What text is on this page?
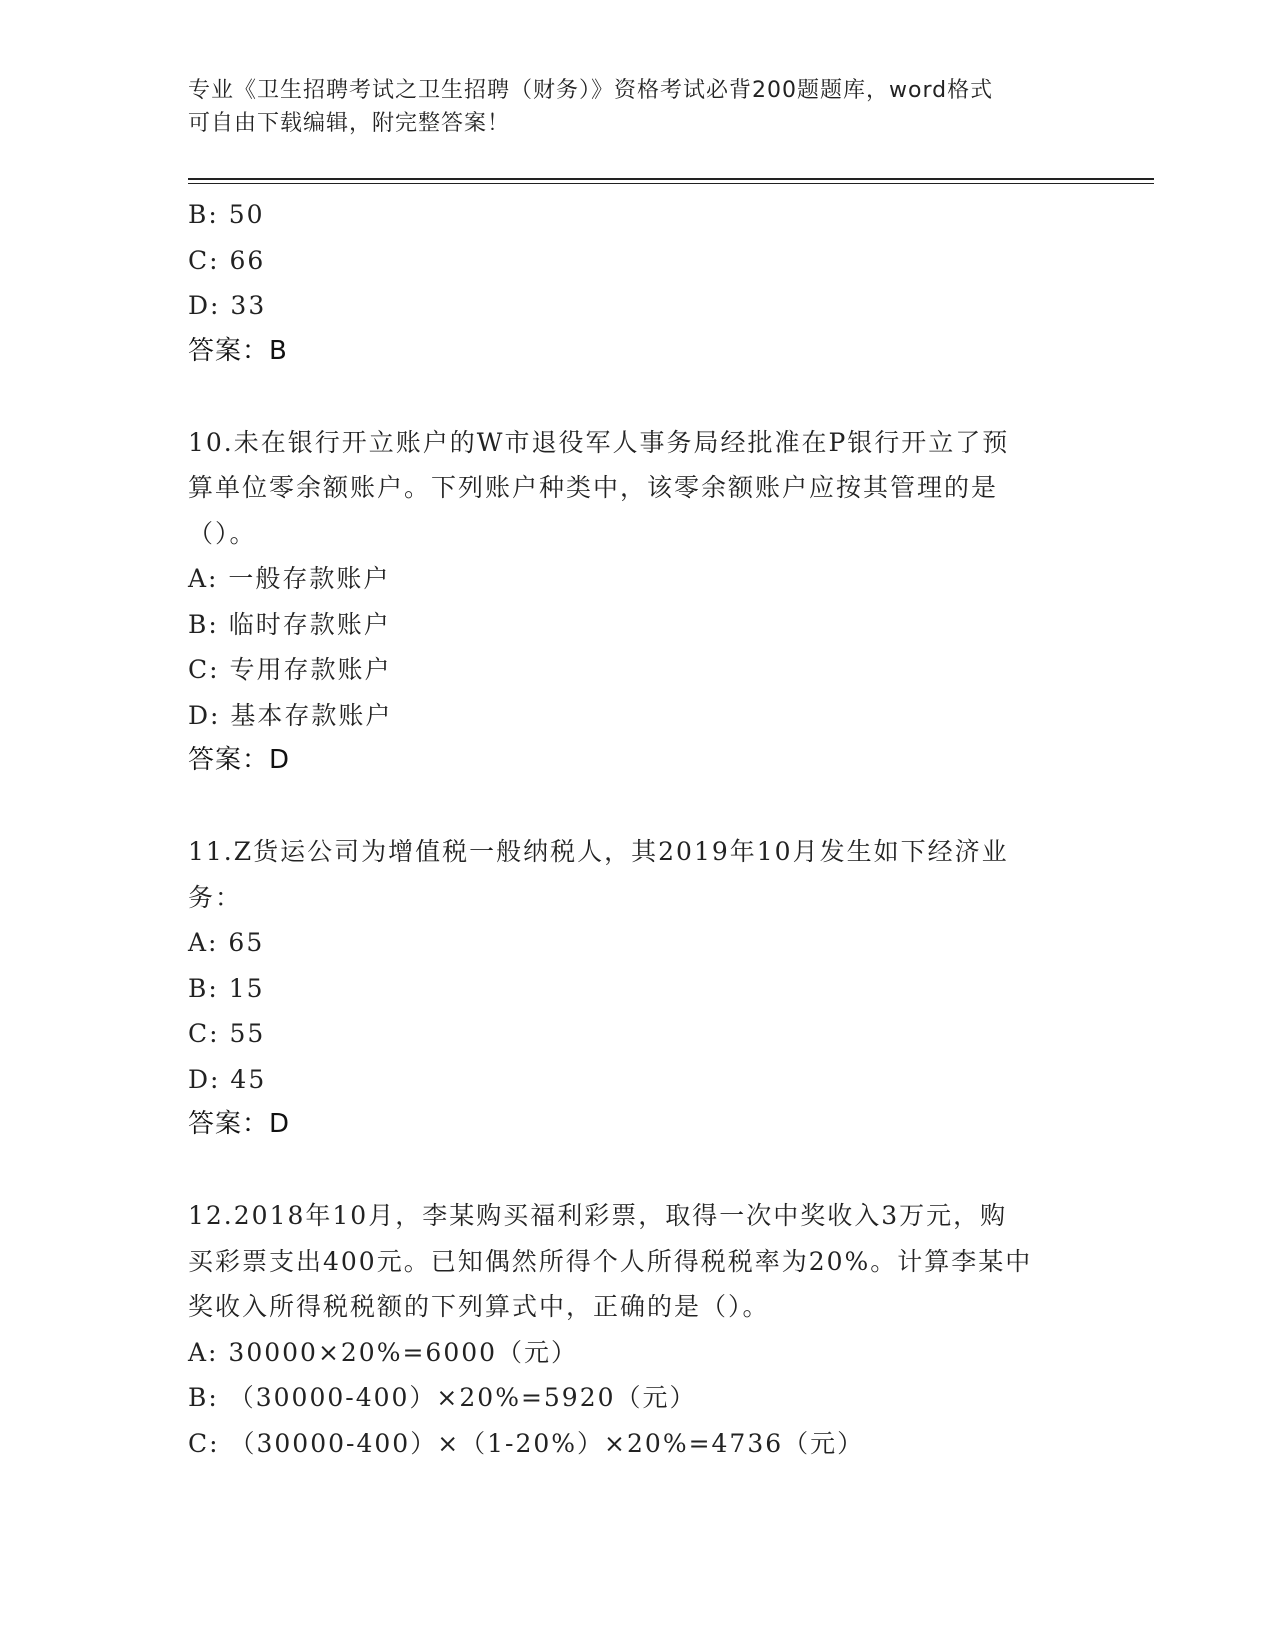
专业《卫生招聘考试之卫生招聘（财务）》资格考试必背200题题库，word格式
可自由下载编辑，附完整答案！
B: 50
C: 66
D: 33
答案：B
10.未在银行开立账户的W市退役军人事务局经批准在P银行开立了预
算单位零余额账户。下列账户种类中，该零余额账户应按其管理的是
（）。
A: 一般存款账户
B: 临时存款账户
C: 专用存款账户
D: 基本存款账户
答案：D
11.Z货运公司为增值税一般纳税人，其2019年10月发生如下经济业
务：
A: 65
B: 15
C: 55
D: 45
答案：D
12.2018年10月，李某购买福利彩票，取得一次中奖收入3万元，购
买彩票支出400元。已知偶然所得个人所得税税率为20%。计算李某中
奖收入所得税税额的下列算式中，正确的是（）。
A: 30000×20%=6000（元）
B: （30000-400）×20%=5920（元）
C: （30000-400）×（1-20%）×20%=4736（元）
